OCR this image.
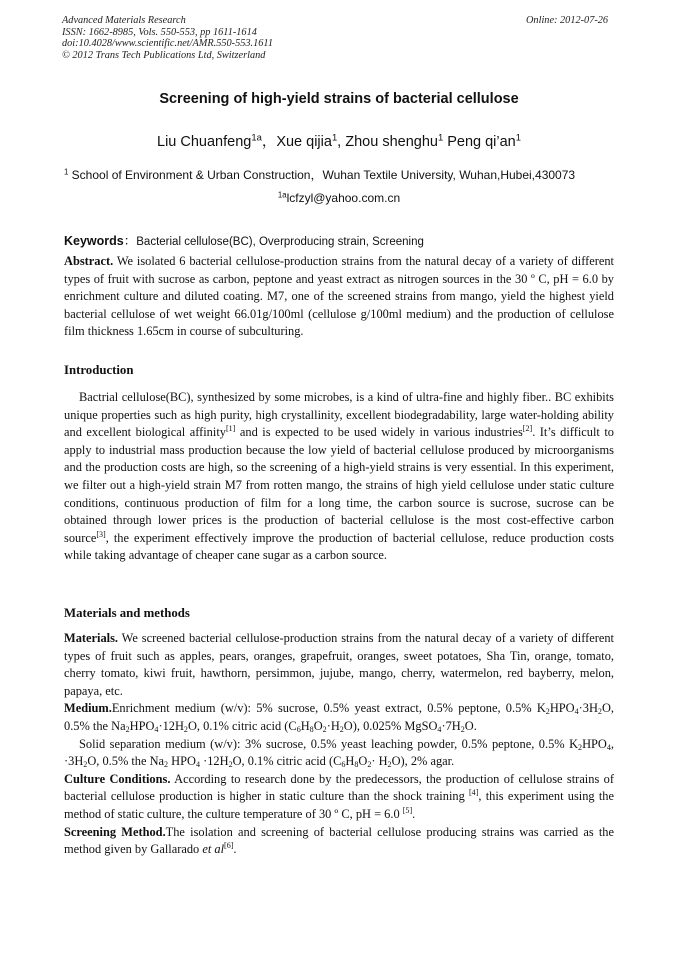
Advanced Materials Research
ISSN: 1662-8985, Vols. 550-553, pp 1611-1614
doi:10.4028/www.scientific.net/AMR.550-553.1611
© 2012 Trans Tech Publications Ltd, Switzerland
Online: 2012-07-26
Screening of high-yield strains of bacterial cellulose
Liu Chuanfeng$^{1a}$，Xue qijia$^1$, Zhou shenghu$^1$ Peng $qi’an^1$
$^1$ School of Environment & Urban Construction，Wuhan Textile University, Wuhan,Hubei,430073
$^{1a}$lcfzyl@yahoo.com.cn
Keywords：Bacterial cellulose(BC), Overproducing strain, Screening

Abstract. We isolated 6 bacterial cellulose-production strains from the natural decay of a variety of different types of fruit with sucrose as carbon, peptone and yeast extract as nitrogen sources in the 30 º C, pH = 6.0 by enrichment culture and diluted coating. M7, one of the screened strains from mango, yield the highest yield bacterial cellulose of wet weight 66.01g/100ml (cellulose g/100ml medium) and the production of cellulose film thickness 1.65cm in course of subculturing.

Introduction

Bactrial cellulose(BC), synthesized by some microbes, is a kind of ultra-fine and highly fiber.. BC exhibits unique properties such as high purity, high crystallinity, excellent biodegradability, large water-holding ability and excellent biological affinity[1] and is expected to be used widely in various industries[2]. It’s difficult to apply to industrial mass production because the low yield of bacterial cellulose produced by microorganisms and the production costs are high, so the screening of a high-yield strains is very essential. In this experiment, we filter out a high-yield strain M7 from rotten mango, the strains of high yield cellulose under static culture conditions, continuous production of film for a long time, the carbon source is sucrose, sucrose can be obtained through lower prices is the production of bacterial cellulose is the most cost-effective carbon source[3], the experiment effectively improve the production of bacterial cellulose, reduce production costs while taking advantage of cheaper cane sugar as a carbon source.

Materials and methods

Materials. We screened bacterial cellulose-production strains from the natural decay of a variety of different types of fruit such as apples, pears, oranges, grapefruit, oranges, sweet potatoes, Sha Tin, orange, tomato, cherry tomato, kiwi fruit, hawthorn, persimmon, jujube, mango, cherry, watermelon, red bayberry, melon, papaya, etc.

Medium.Enrichment medium (w/v): 5% sucrose, 0.5% yeast extract, 0.5% peptone, 0.5% $K_2HPO_4\cdot 3H_2O$, 0.5% the $Na_2HPO_4\cdot 12H_2O$, 0.1% citric acid $(C_6H_8O_2\cdot H_2O)$, 0.025% $MgSO_4\cdot 7H_2O$.

Solid separation medium (w/v): 3% sucrose, 0.5% yeast leaching powder, 0.5% peptone, 0.5% $K_2HPO_4$, $\cdot 3H_2O$, 0.5% the $Na_2$ $HPO_4 \cdot 12H_2O$, 0.1% citric acid $(C_6H_8O_2\cdot H_2O)$, 2% agar.

Culture Conditions. According to research done by the predecessors, the production of cellulose strains of bacterial cellulose production is higher in static culture than the shock training [4], this experiment using the method of static culture, the culture temperature of 30 º C, pH = 6.0 [5].

Screening Method.The isolation and screening of bacterial cellulose producing strains was carried as the method given by Gallarado et al[6].
